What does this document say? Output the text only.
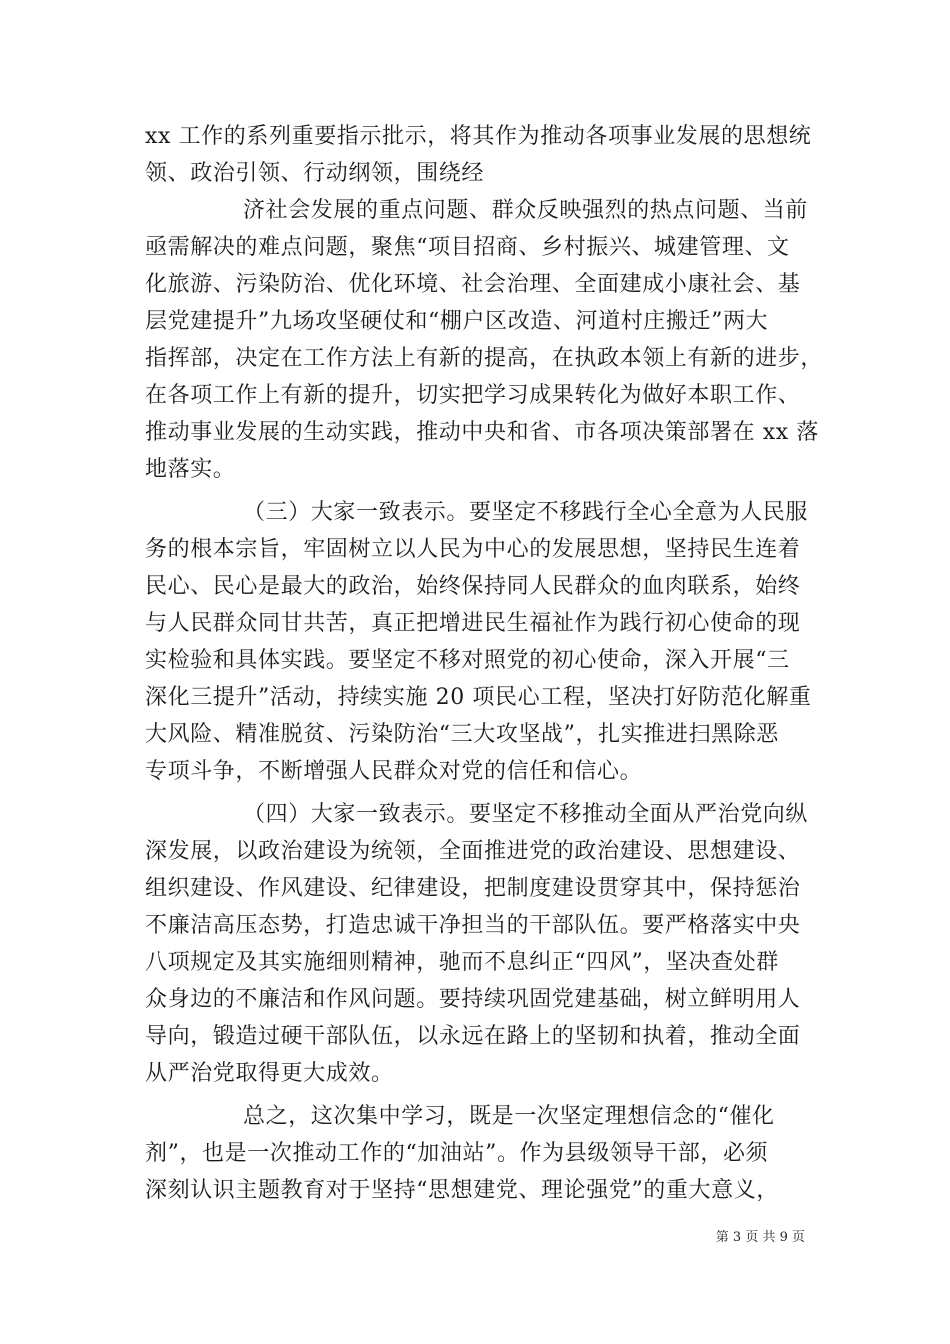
xx 工作的系列重要指示批示，将其作为推动各项事业发展的思想统
领、政治引领、行动纲领，围绕经
济社会发展的重点问题、群众反映强烈的热点问题、当前
亟需解决的难点问题，聚焦“项目招商、乡村振兴、城建管理、文
化旅游、污染防治、优化环境、社会治理、全面建成小康社会、基
层党建提升”九场攻坚硬仗和“棚户区改造、河道村庄搬迁”两大
指挥部，决定在工作方法上有新的提高，在执政本领上有新的进步，
在各项工作上有新的提升，切实把学习成果转化为做好本职工作、
推动事业发展的生动实践，推动中央和省、市各项决策部署在 xx 落
地落实。
（三）大家一致表示。要坚定不移践行全心全意为人民服
务的根本宗旨，牢固树立以人民为中心的发展思想，坚持民生连着
民心、民心是最大的政治，始终保持同人民群众的血肉联系，始终
与人民群众同甘共苦，真正把增进民生福祉作为践行初心使命的现
实检验和具体实践。要坚定不移对照党的初心使命，深入开展“三
深化三提升”活动，持续实施 20 项民心工程，坚决打好防范化解重
大风险、精准脱贫、污染防治“三大攻坚战”，扎实推进扫黑除恶
专项斗争，不断增强人民群众对党的信任和信心。
（四）大家一致表示。要坚定不移推动全面从严治党向纵
深发展，以政治建设为统领，全面推进党的政治建设、思想建设、
组织建设、作风建设、纪律建设，把制度建设贯穿其中，保持惩治
不廉洁高压态势，打造忠诚干净担当的干部队伍。要严格落实中央
八项规定及其实施细则精神，驰而不息纠正“四风”，坚决查处群
众身边的不廉洁和作风问题。要持续巩固党建基础，树立鲜明用人
导向，锻造过硬干部队伍，以永远在路上的坚韧和执着，推动全面
从严治党取得更大成效。
总之，这次集中学习，既是一次坚定理想信念的“催化
剂”，也是一次推动工作的“加油站”。作为县级领导干部，必须
深刻认识主题教育对于坚持“思想建党、理论强党”的重大意义，
第 3 页 共 9 页
